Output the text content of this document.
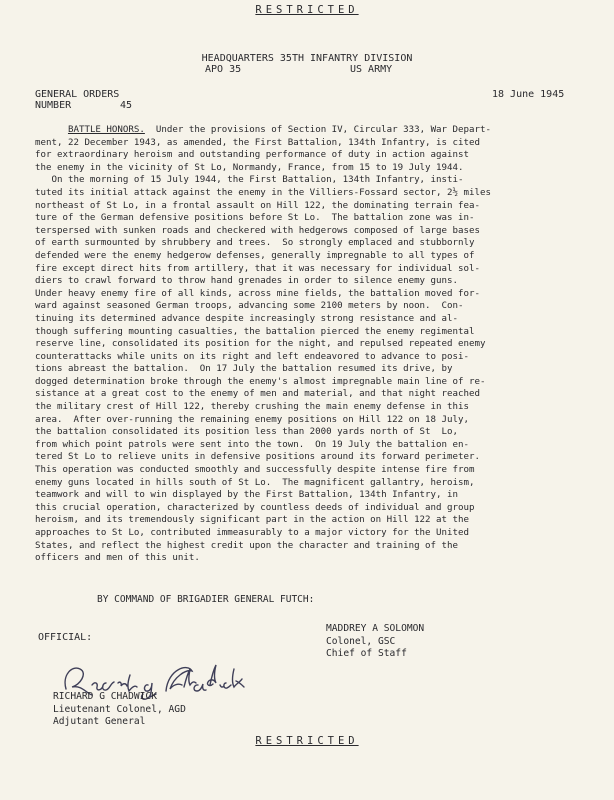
RESTRICTED
HEADQUARTERS 35TH INFANTRY DIVISION
APO 35	US ARMY
GENERAL ORDERS
NUMBER	45
18 June 1945
BATTLE HONORS.  Under the provisions of Section IV, Circular 333, War Depart-
ment, 22 December 1943, as amended, the First Battalion, 134th Infantry, is cited
for extraordinary heroism and outstanding performance of duty in action against
the enemy in the vicinity of St Lo, Normandy, France, from 15 to 19 July 1944.
On the morning of 15 July 1944, the First Battalion, 134th Infantry, insti-
tuted its initial attack against the enemy in the Villiers-Fossard sector, 2½ miles
northeast of St Lo, in a frontal assault on Hill 122, the dominating terrain fea-
ture of the German defensive positions before St Lo.  The battalion zone was in-
terspersed with sunken roads and checkered with hedgerows composed of large bases
of earth surmounted by shrubbery and trees.  So strongly emplaced and stubbornly
defended were the enemy hedgerow defenses, generally impregnable to all types of
fire except direct hits from artillery, that it was necessary for individual sol-
diers to crawl forward to throw hand grenades in order to silence enemy guns.
Under heavy enemy fire of all kinds, across mine fields, the battalion moved for-
ward against seasoned German troops, advancing some 2100 meters by noon.  Con-
tinuing its determined advance despite increasingly strong resistance and al-
though suffering mounting casualties, the battalion pierced the enemy regimental
reserve line, consolidated its position for the night, and repulsed repeated enemy
counterattacks while units on its right and left endeavored to advance to posi-
tions abreast the battalion.  On 17 July the battalion resumed its drive, by
dogged determination broke through the enemy's almost impregnable main line of re-
sistance at a great cost to the enemy of men and material, and that night reached
the military crest of Hill 122, thereby crushing the main enemy defense in this
area.  After over-running the remaining enemy positions on Hill 122 on 18 July,
the battalion consolidated its position less than 2000 yards north of St  Lo,
from which point patrols were sent into the town.  On 19 July the battalion en-
tered St Lo to relieve units in defensive positions around its forward perimeter.
This operation was conducted smoothly and successfully despite intense fire from
enemy guns located in hills south of St Lo.  The magnificent gallantry, heroism,
teamwork and will to win displayed by the First Battalion, 134th Infantry, in
this crucial operation, characterized by countless deeds of individual and group
heroism, and its tremendously significant part in the action on Hill 122 at the
approaches to St Lo, contributed immeasurably to a major victory for the United
States, and reflect the highest credit upon the character and training of the
officers and men of this unit.
BY COMMAND OF BRIGADIER GENERAL FUTCH:
OFFICIAL:
MADDREY A SOLOMON
Colonel, GSC
Chief of Staff
RICHARD G CHADWICK
Lieutenant Colonel, AGD
Adjutant General
RESTRICTED
